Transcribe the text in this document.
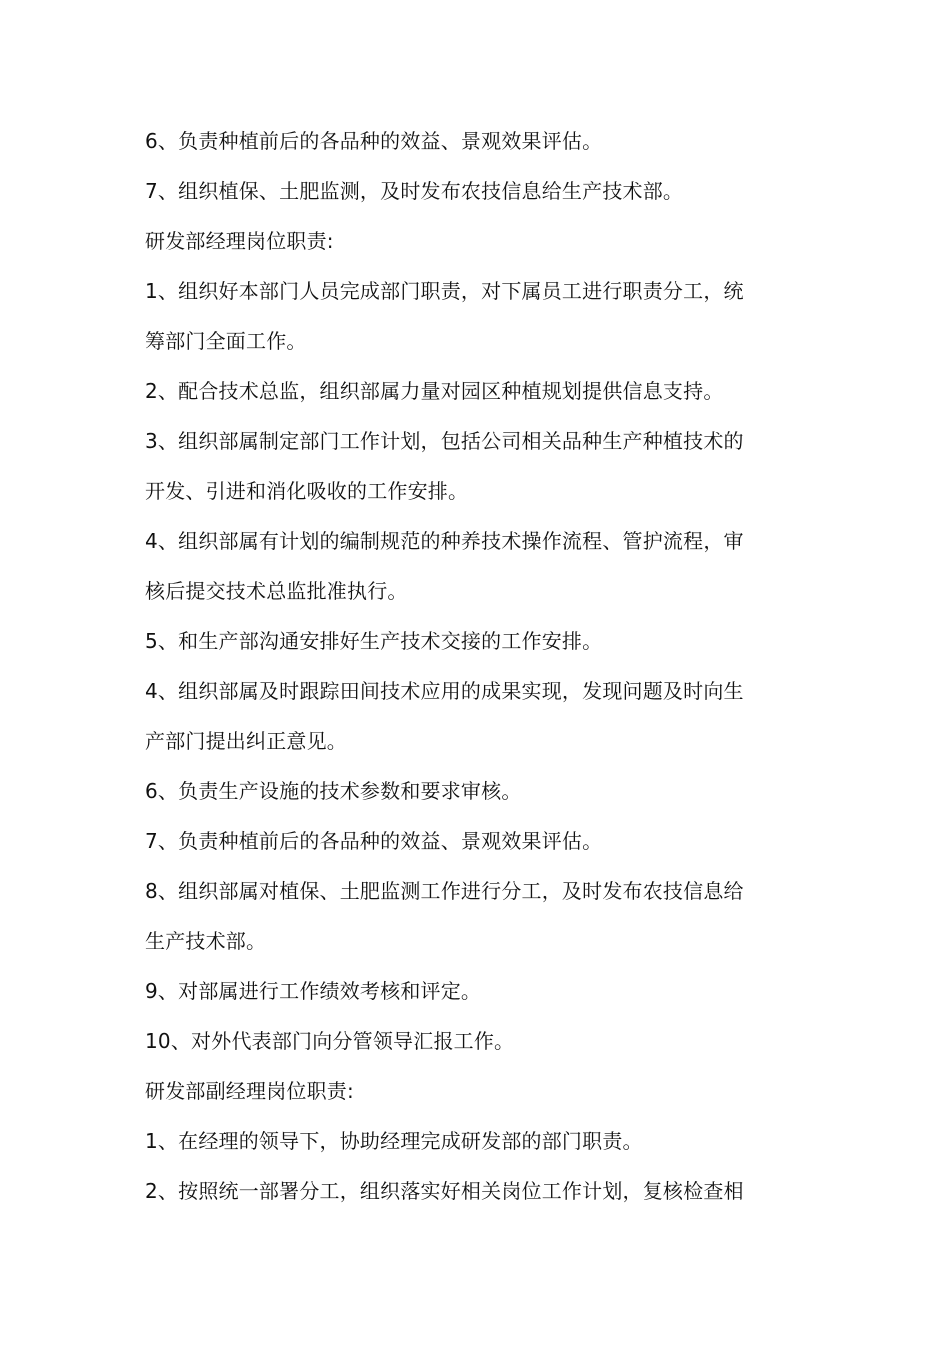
6、负责种植前后的各品种的效益、景观效果评估。
7、组织植保、土肥监测，及时发布农技信息给生产技术部。
研发部经理岗位职责:
1、组织好本部门人员完成部门职责，对下属员工进行职责分工，统
筹部门全面工作。
2、配合技术总监，组织部属力量对园区种植规划提供信息支持。
3、组织部属制定部门工作计划，包括公司相关品种生产种植技术的
开发、引进和消化吸收的工作安排。
4、组织部属有计划的编制规范的种养技术操作流程、管护流程，审
核后提交技术总监批准执行。
5、和生产部沟通安排好生产技术交接的工作安排。
4、组织部属及时跟踪田间技术应用的成果实现，发现问题及时向生
产部门提出纠正意见。
6、负责生产设施的技术参数和要求审核。
7、负责种植前后的各品种的效益、景观效果评估。
8、组织部属对植保、土肥监测工作进行分工，及时发布农技信息给
生产技术部。
9、对部属进行工作绩效考核和评定。
10、对外代表部门向分管领导汇报工作。
研发部副经理岗位职责:
1、在经理的领导下，协助经理完成研发部的部门职责。
2、按照统一部署分工，组织落实好相关岗位工作计划，复核检查相
